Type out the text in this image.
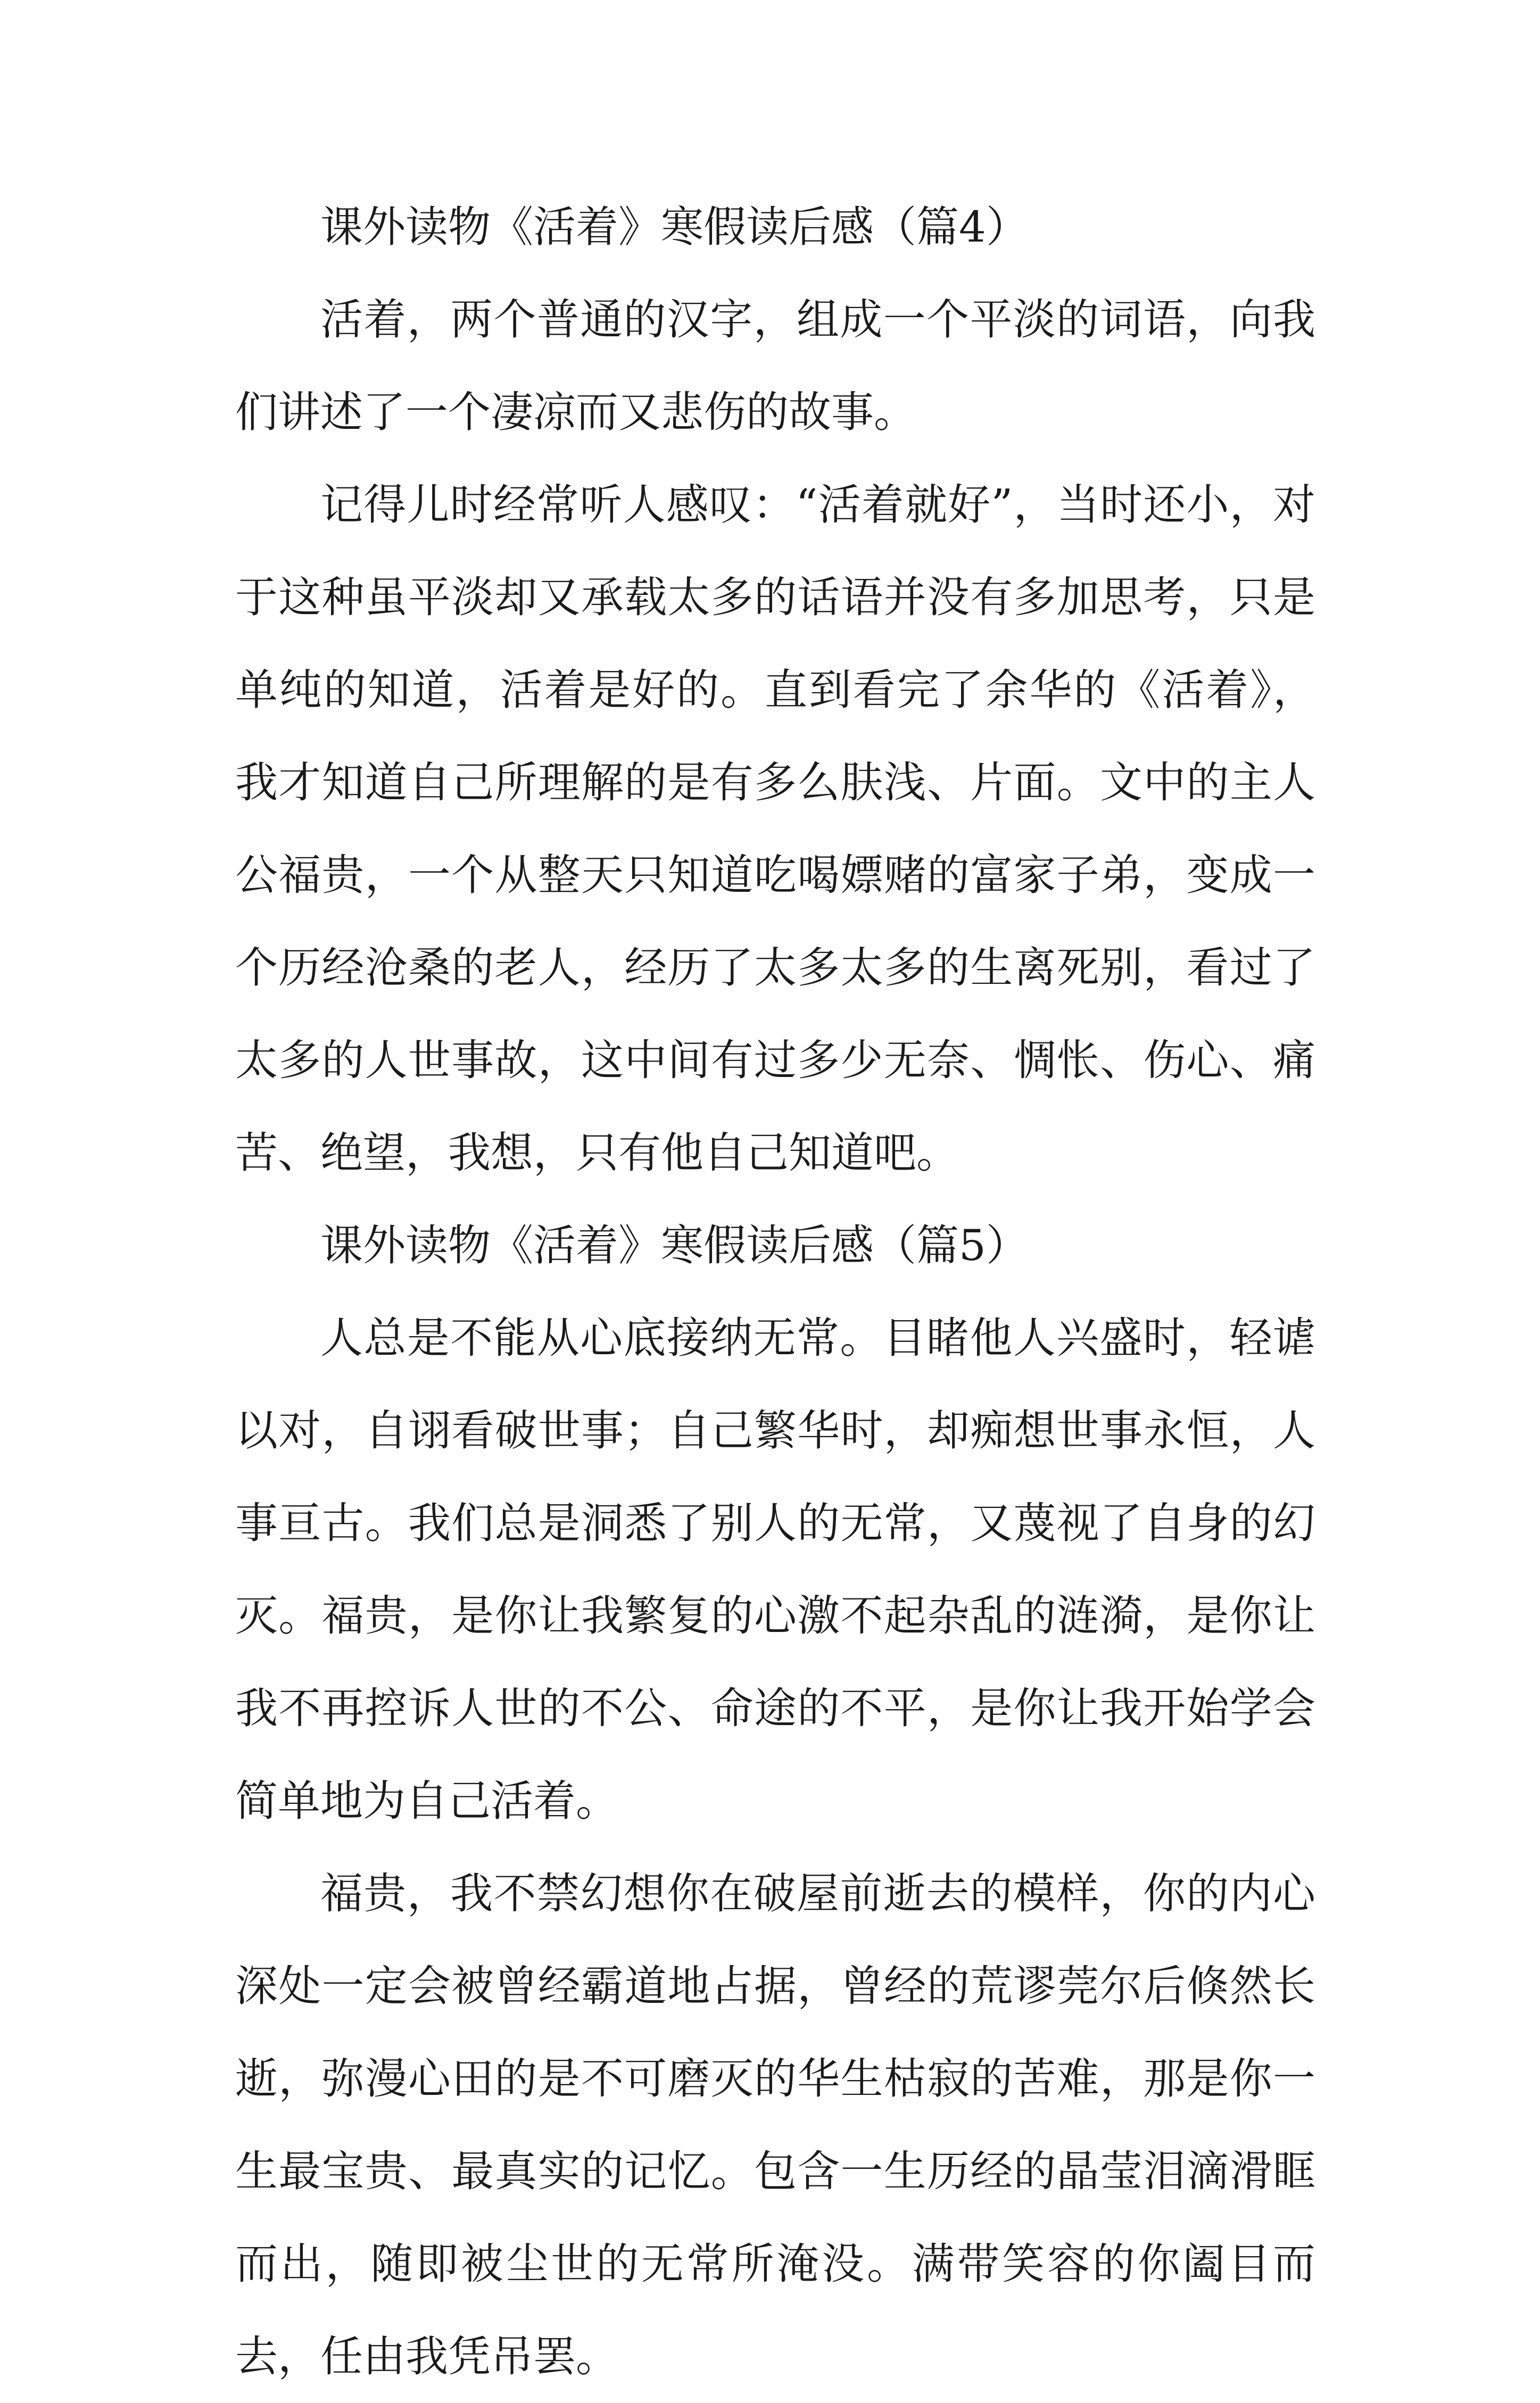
课外读物《活着》寒假读后感（篇4）

活着，两个普通的汉字，组成一个平淡的词语，向我们讲述了一个凄凉而又悲伤的故事。

记得儿时经常听人感叹：“活着就好”，当时还小，对于这种虽平淡却又承载太多的话语并没有多加思考，只是单纯的知道，活着是好的。直到看完了余华的《活着》，我才知道自己所理解的是有多么肤浅、片面。文中的主人公福贵，一个从整天只知道吃喝嫖赌的富家子弟，变成一个历经沧桑的老人，经历了太多太多的生离死别，看过了太多的人世事故，这中间有过多少无奈、惆怅、伤心、痛苦、绝望，我想，只有他自己知道吧。

课外读物《活着》寒假读后感（篇5）

人总是不能从心底接纳无常。目睹他人兴盛时，轻谑以对，自诩看破世事；自己繁华时，却痴想世事永恒，人事亘古。我们总是洞悉了别人的无常，又蔑视了自身的幻灭。福贵，是你让我繁复的心激不起杂乱的涟漪，是你让我不再控诉人世的不公、命途的不平，是你让我开始学会简单地为自己活着。

福贵，我不禁幻想你在破屋前逝去的模样，你的内心深处一定会被曾经霸道地占据，曾经的荒谬莞尔后倏然长逝，弥漫心田的是不可磨灭的华生枯寂的苦难，那是你一生最宝贵、最真实的记忆。包含一生历经的晶莹泪滴滑眶而出，随即被尘世的无常所淹没。满带笑容的你阖目而去，任由我凭吊罢。
